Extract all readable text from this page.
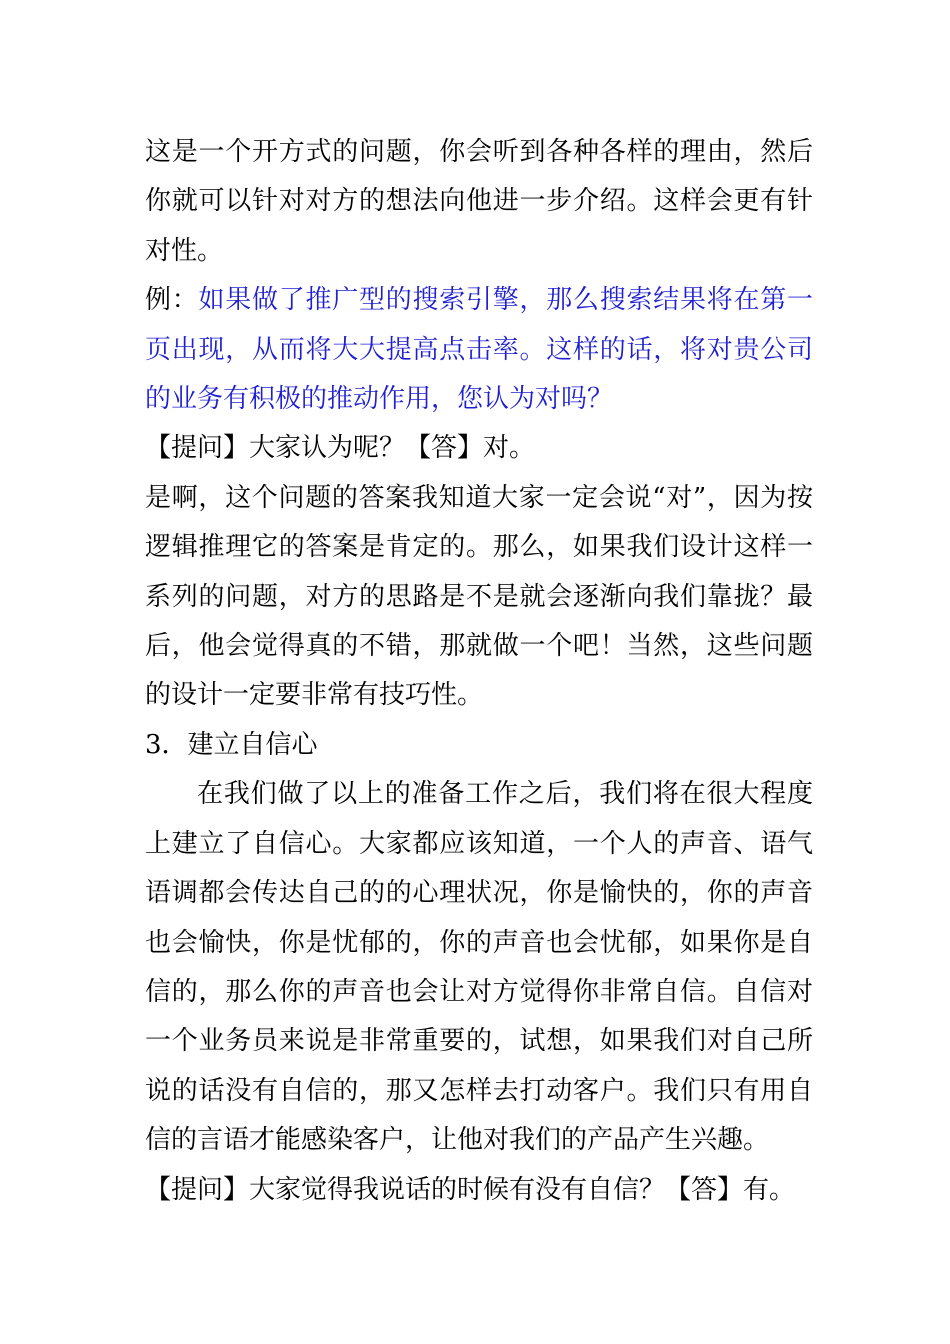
这是一个开方式的问题，你会听到各种各样的理由，然后你就可以针对对方的想法向他进一步介绍。这样会更有针对性。

例：如果做了推广型的搜索引擎，那么搜索结果将在第一页出现，从而将大大提高点击率。这样的话，将对贵公司的业务有积极的推动作用，您认为对吗？

【提问】大家认为呢？【答】对。

是啊，这个问题的答案我知道大家一定会说“对”，因为按逻辑推理它的答案是肯定的。那么，如果我们设计这样一系列的问题，对方的思路是不是就会逐渐向我们靠拢？最后，他会觉得真的不错，那就做一个吧！当然，这些问题的设计一定要非常有技巧性。

3．建立自信心

在我们做了以上的准备工作之后，我们将在很大程度上建立了自信心。大家都应该知道，一个人的声音、语气语调都会传达自己的的心理状况，你是愉快的，你的声音也会愉快，你是忧郁的，你的声音也会忧郁，如果你是自信的，那么你的声音也会让对方觉得你非常自信。自信对一个业务员来说是非常重要的，试想，如果我们对自己所说的话没有自信的，那又怎样去打动客户。我们只有用自信的言语才能感染客户，让他对我们的产品产生兴趣。

【提问】大家觉得我说话的时候有没有自信？【答】有。
